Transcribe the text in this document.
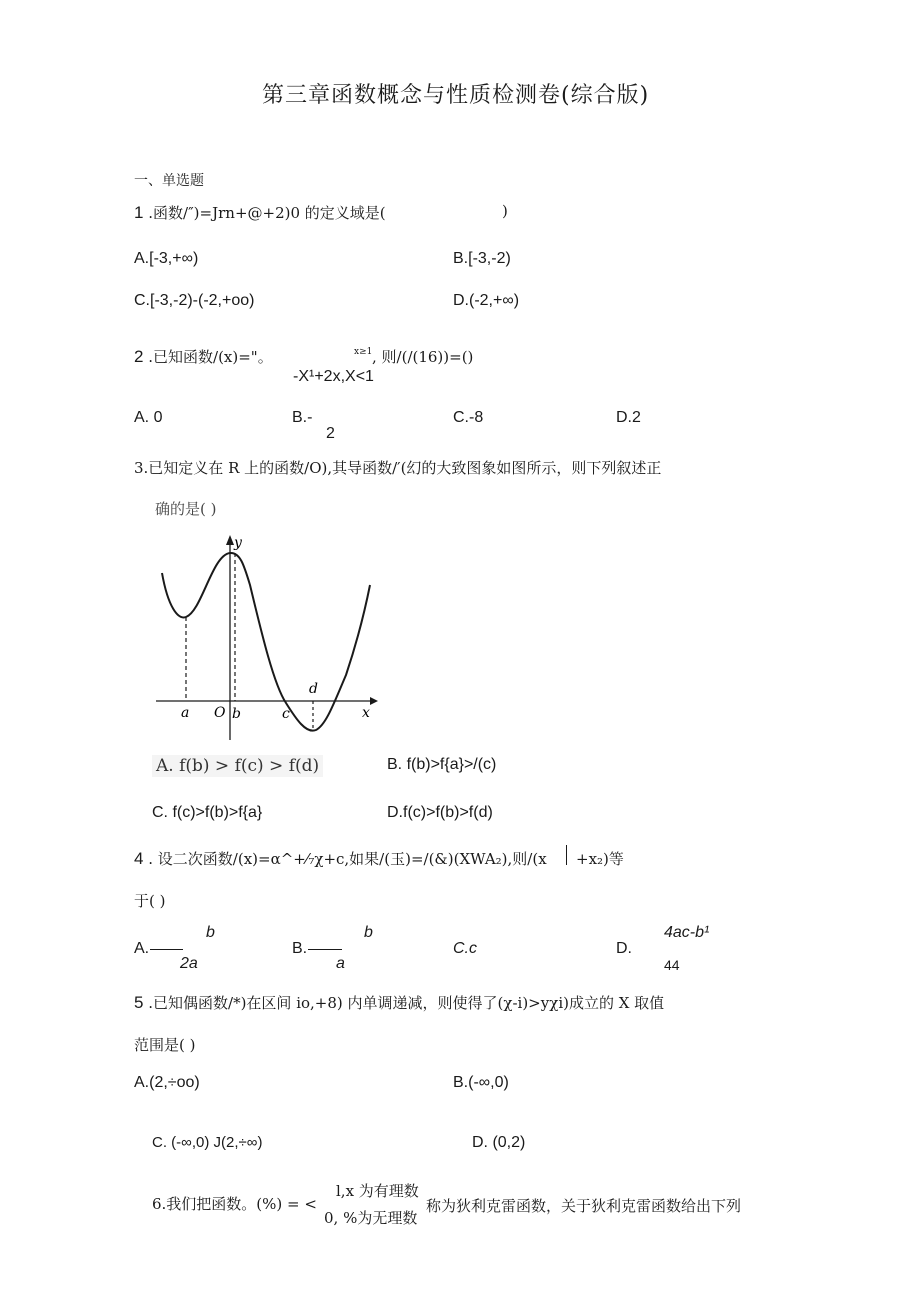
第三章函数概念与性质检测卷(综合版)
一、单选题
1 .函数/″)=Jrn+@+2)0 的定义域是(	)
A.[-3,+∞)	B.[-3,-2)
C.[-3,-2)-(-2,+oo)	D.(-2,+∞)
2 .已知函数/(x)="。	x≥1 , 则/(/(16))=()
-X¹+2x,X<1
A. 0	B.-
2
C.-8	D.2
3.已知定义在 R 上的函数/O),其导函数/′(幻的大致图象如图所示，则下列叙述正
确的是( )
y
x
O
a	b	c
d
A. f(b) > f(c) > f(d)	B. f(b)>f{a}>/(c)
C. f(c)>f(b)>f{a}	D.f(c)>f(b)>f(d)
4 . 设二次函数/(x)=α^+⁄₇χ+c,如果/(玉)=/(&)(XWA₂),则/(x +x₂)等
于( )
A.
b
2a
B.
b
a
C.c	D.
4ac-b¹
44
5 .已知偶函数/*)在区间 io,+8) 内单调递减，则使得了(χ-i)>yχi)成立的 X 取值
范围是( )
A.(2,÷oo)	B.(-∞,0)
C. (-∞,0) J(2,÷∞)	D. (0,2)
6.我们把函数。(%) = <
l,x 为有理数
0, %为无理数
称为狄利克雷函数，关于狄利克雷函数给出下列
